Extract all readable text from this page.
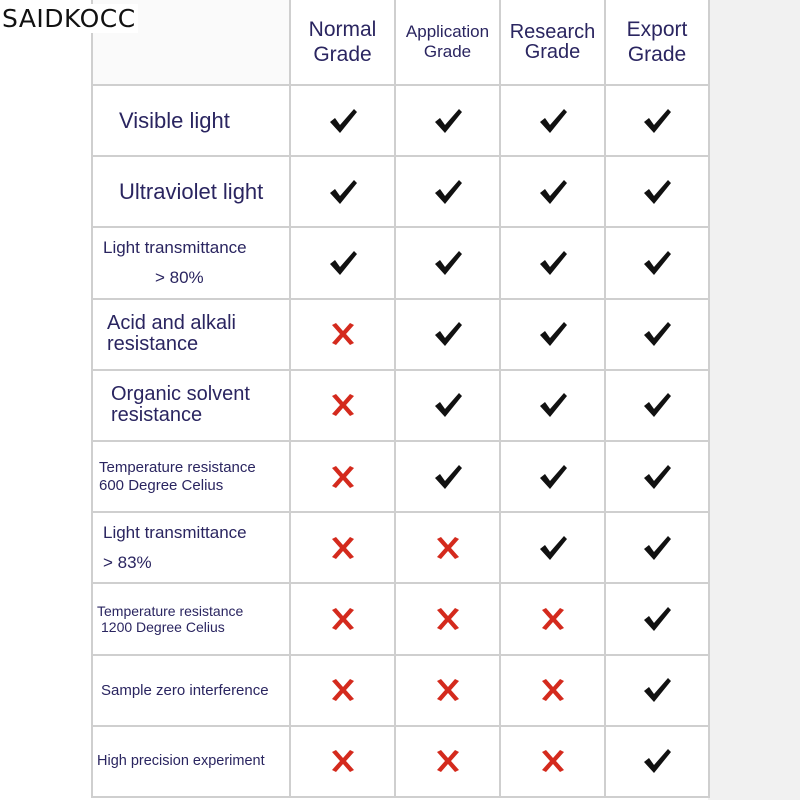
SAIDKOCC	Normal
Grade
Application
Grade
Research
Grade
Export
Grade
Visible light
Ultraviolet light
Light transmittance
> 80%
Acid and alkali
resistance
Organic solvent
resistance
Temperature resistance
600 Degree Celius
Light transmittance
> 83%
Temperature resistance
1200 Degree Celius
Sample zero interference
High precision experiment
